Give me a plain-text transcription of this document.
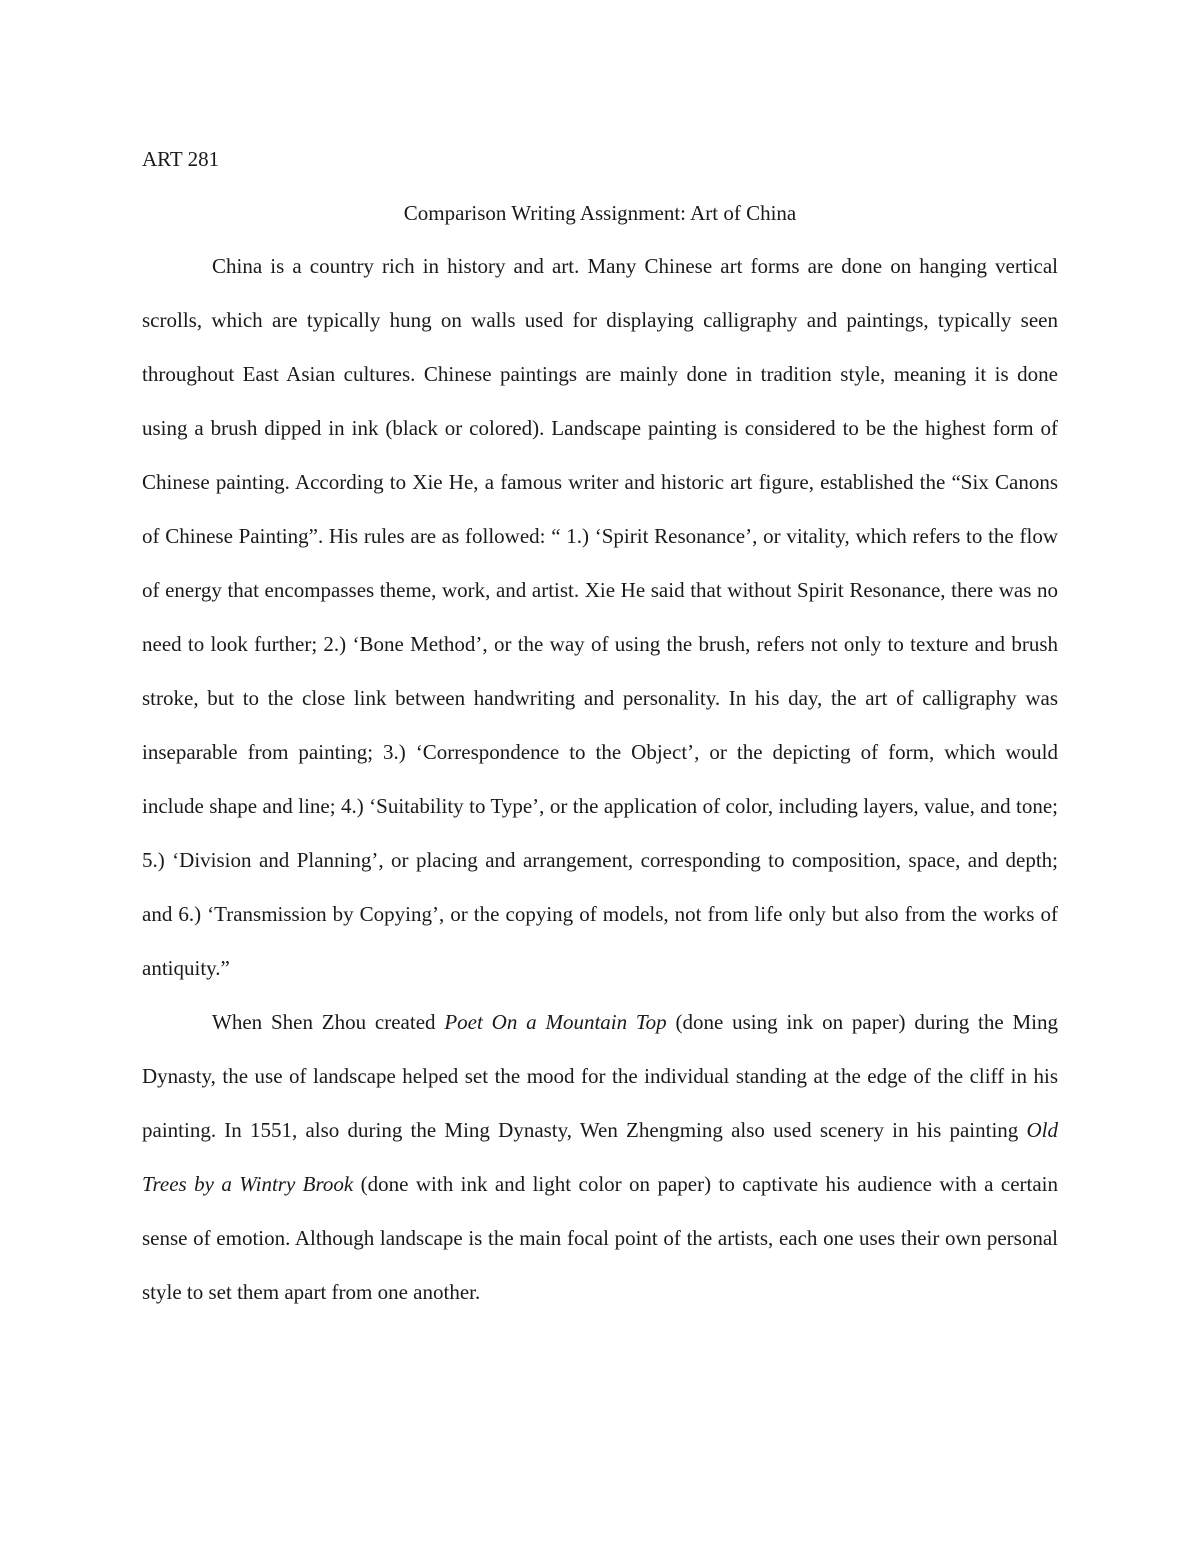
ART 281

Comparison Writing Assignment: Art of China

China is a country rich in history and art. Many Chinese art forms are done on hanging vertical scrolls, which are typically hung on walls used for displaying calligraphy and paintings, typically seen throughout East Asian cultures. Chinese paintings are mainly done in tradition style, meaning it is done using a brush dipped in ink (black or colored). Landscape painting is considered to be the highest form of Chinese painting. According to Xie He, a famous writer and historic art figure, established the “Six Canons of Chinese Painting”. His rules are as followed: “ 1.) ‘Spirit Resonance’, or vitality, which refers to the flow of energy that encompasses theme, work, and artist. Xie He said that without Spirit Resonance, there was no need to look further; 2.) ‘Bone Method’, or the way of using the brush, refers not only to texture and brush stroke, but to the close link between handwriting and personality. In his day, the art of calligraphy was inseparable from painting; 3.) ‘Correspondence to the Object’, or the depicting of form, which would include shape and line; 4.) ‘Suitability to Type’, or the application of color, including layers, value, and tone; 5.) ‘Division and Planning’, or placing and arrangement, corresponding to composition, space, and depth; and 6.) ‘Transmission by Copying’, or the copying of models, not from life only but also from the works of antiquity.”

When Shen Zhou created Poet On a Mountain Top (done using ink on paper) during the Ming Dynasty, the use of landscape helped set the mood for the individual standing at the edge of the cliff in his painting. In 1551, also during the Ming Dynasty, Wen Zhengming also used scenery in his painting Old Trees by a Wintry Brook (done with ink and light color on paper) to captivate his audience with a certain sense of emotion. Although landscape is the main focal point of the artists, each one uses their own personal style to set them apart from one another.
